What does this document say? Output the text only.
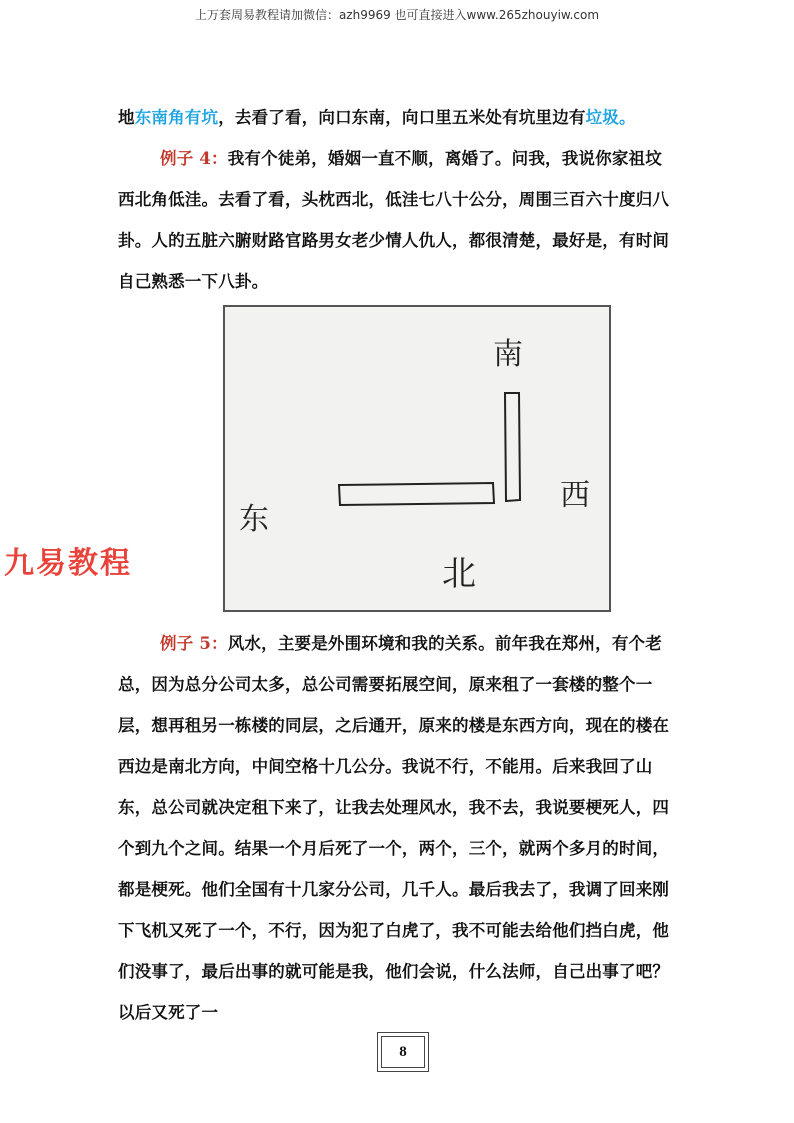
上万套周易教程请加微信：azh9969 也可直接进入www.265zhouyiw.com

地东南角有坑，去看了看，向口东南，向口里五米处有坑里边有垃圾。

例子 4：我有个徒弟，婚姻一直不顺，离婚了。问我，我说你家祖坟西北角低洼。去看了看，头枕西北，低洼七八十公分，周围三百六十度归八卦。人的五脏六腑财路官路男女老少情人仇人，都很清楚，最好是，有时间自己熟悉一下八卦。

南
东
西
北
九易教程

例子 5：风水，主要是外围环境和我的关系。前年我在郑州，有个老总，因为总分公司太多，总公司需要拓展空间，原来租了一套楼的整个一层，想再租另一栋楼的同层，之后通开，原来的楼是东西方向，现在的楼在西边是南北方向，中间空格十几公分。我说不行，不能用。后来我回了山东，总公司就决定租下来了，让我去处理风水，我不去，我说要梗死人，四个到九个之间。结果一个月后死了一个，两个，三个，就两个多月的时间，都是梗死。他们全国有十几家分公司，几千人。最后我去了，我调了回来刚下飞机又死了一个，不行，因为犯了白虎了，我不可能去给他们挡白虎，他们没事了，最后出事的就可能是我，他们会说，什么法师，自己出事了吧？以后又死了一

8
